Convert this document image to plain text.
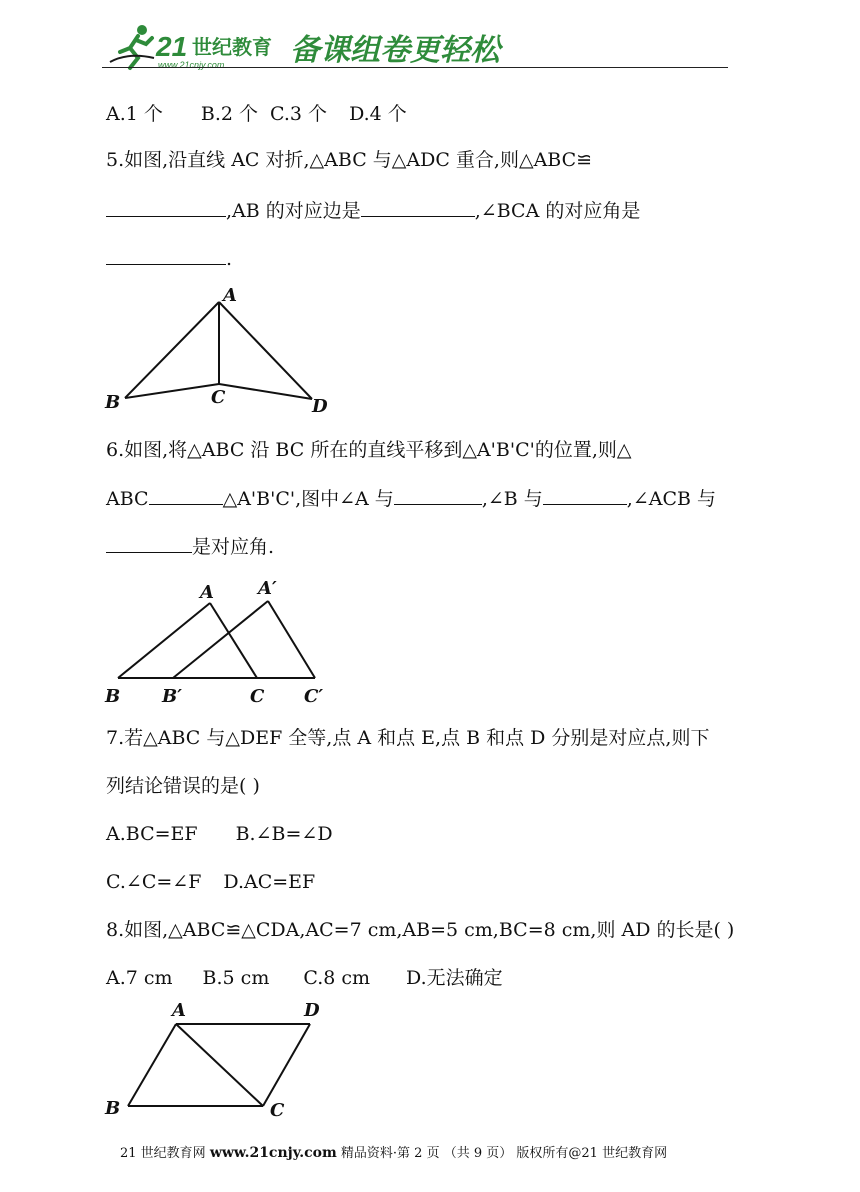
21 世纪教育
www.21cnjy.com 备课组卷更轻松
A.1 个 B.2 个 C.3 个 D.4 个
5.如图,沿直线 AC 对折,△ABC 与△ADC 重合,则△ABC≌
,AB 的对应边是	,∠BCA 的对应角是
.
A
B	C	D
6.如图,将△ABC 沿 BC 所在的直线平移到△A'B'C'的位置,则△
ABC	△A'B'C',图中∠A 与	,∠B 与	,∠ACB 与
是对应角.
A A′
B B′	C C′
7.若△ABC 与△DEF 全等,点 A 和点 E,点 B 和点 D 分别是对应点,则下
列结论错误的是( )
A.BC=EF B.∠B=∠D
C.∠C=∠F D.AC=EF
8.如图,△ABC≌△CDA,AC=7 cm,AB=5 cm,BC=8 cm,则 AD 的长是( )
A.7 cm B.5 cm C.8 cm D.无法确定
A	D
B	C
21 世纪教育网 www.21cnjy.com 精品资料·第 2 页 （共 9 页） 版权所有@21 世纪教育网
